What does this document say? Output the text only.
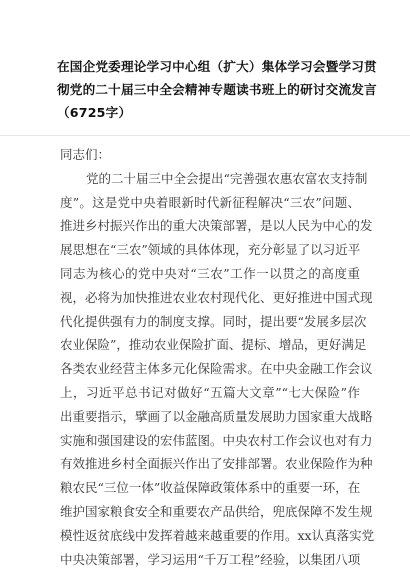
在国企党委理论学习中心组（扩大）集体学习会暨学习贯
彻党的二十届三中全会精神专题读书班上的研讨交流发言
（6725字）
同志们：
党的二十届三中全会提出“完善强农惠农富农支持制
度”。这是党中央着眼新时代新征程解决“三农”问题、
推进乡村振兴作出的重大决策部署，是以人民为中心的发
展思想在“三农”领域的具体体现，充分彰显了以习近平
同志为核心的党中央对“三农”工作一以贯之的高度重
视，必将为加快推进农业农村现代化、更好推进中国式现
代化提供强有力的制度支撑。同时，提出要“发展多层次
农业保险”，推动农业保险扩面、提标、增品，更好满足
各类农业经营主体多元化保险需求。在中央金融工作会议
上，习近平总书记对做好“五篇大文章”“七大保险”作
出重要指示，擘画了以金融高质量发展助力国家重大战略
实施和强国建设的宏伟蓝图。中央农村工作会议也对有力
有效推进乡村全面振兴作出了安排部署。农业保险作为种
粮农民“三位一体”收益保障政策体系中的重要一环，在
维护国家粮食安全和重要农产品供给，兜底保障不发生规
模性返贫底线中发挥着越来越重要的作用。xx认真落实党
中央决策部署，学习运用“千万工程”经验，以集团八项
